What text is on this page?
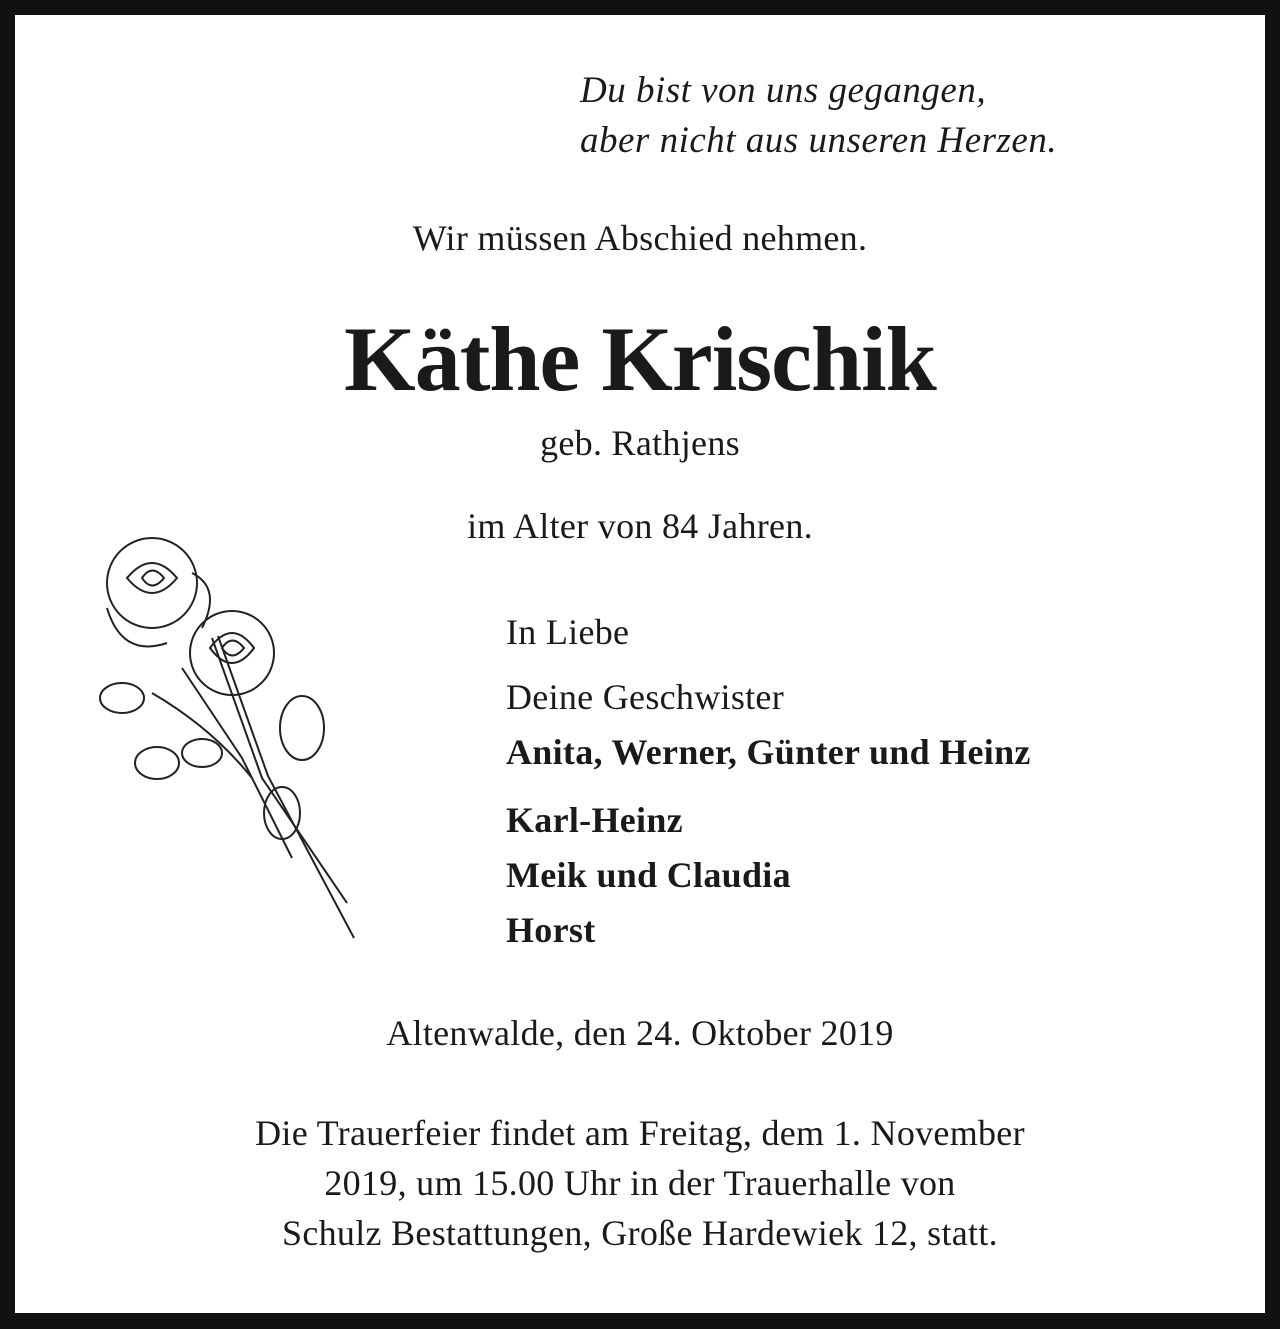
Du bist von uns gegangen,
aber nicht aus unseren Herzen.
Wir müssen Abschied nehmen.
Käthe Krischik
geb. Rathjens
im Alter von 84 Jahren.
In Liebe
Deine Geschwister
Anita, Werner, Günter und Heinz
Karl-Heinz
Meik und Claudia
Horst
Altenwalde, den 24. Oktober 2019
Die Trauerfeier findet am Freitag, dem 1. November
2019, um 15.00 Uhr in der Trauerhalle von
Schulz Bestattungen, Große Hardewiek 12, statt.
